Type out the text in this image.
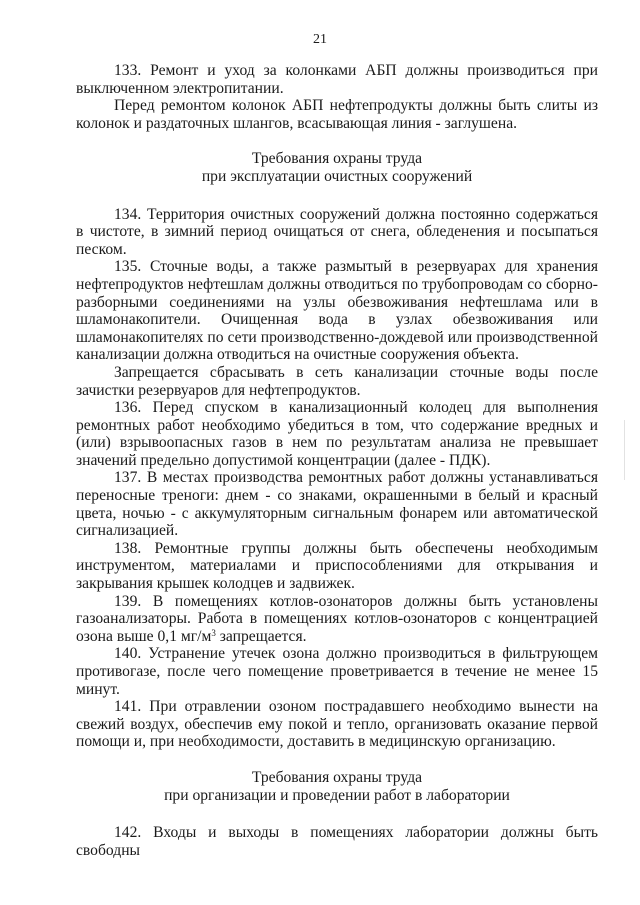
21

133. Ремонт и уход за колонками АБП должны производиться при выключенном электропитании.

Перед ремонтом колонок АБП нефтепродукты должны быть слиты из колонок и раздаточных шлангов, всасывающая линия - заглушена.

Требования охраны труда

при эксплуатации очистных сооружений

134. Территория очистных сооружений должна постоянно содержаться в чистоте, в зимний период очищаться от снега, обледенения и посыпаться песком.

135. Сточные воды, а также размытый в резервуарах для хранения нефтепродуктов нефтешлам должны отводиться по трубопроводам со сборно-разборными соединениями на узлы обезвоживания нефтешлама или в шламонакопители. Очищенная вода в узлах обезвоживания или шламонакопителях по сети производственно-дождевой или производственной канализации должна отводиться на очистные сооружения объекта.

Запрещается сбрасывать в сеть канализации сточные воды после зачистки резервуаров для нефтепродуктов.

136. Перед спуском в канализационный колодец для выполнения ремонтных работ необходимо убедиться в том, что содержание вредных и (или) взрывоопасных газов в нем по результатам анализа не превышает значений предельно допустимой концентрации (далее - ПДК).

137. В местах производства ремонтных работ должны устанавливаться переносные треноги: днем - со знаками, окрашенными в белый и красный цвета, ночью - с аккумуляторным сигнальным фонарем или автоматической сигнализацией.

138. Ремонтные группы должны быть обеспечены необходимым инструментом, материалами и приспособлениями для открывания и закрывания крышек колодцев и задвижек.

139. В помещениях котлов-озонаторов должны быть установлены газоанализаторы. Работа в помещениях котлов-озонаторов с концентрацией озона выше 0,1 $мг/м^3$ запрещается.

140. Устранение утечек озона должно производиться в фильтрующем противогазе, после чего помещение проветривается в течение не менее 15 минут.

141. При отравлении озоном пострадавшего необходимо вынести на свежий воздух, обеспечив ему покой и тепло, организовать оказание первой помощи и, при необходимости, доставить в медицинскую организацию.

Требования охраны труда

при организации и проведении работ в лаборатории

142. Входы и выходы в помещениях лаборатории должны быть свободны
